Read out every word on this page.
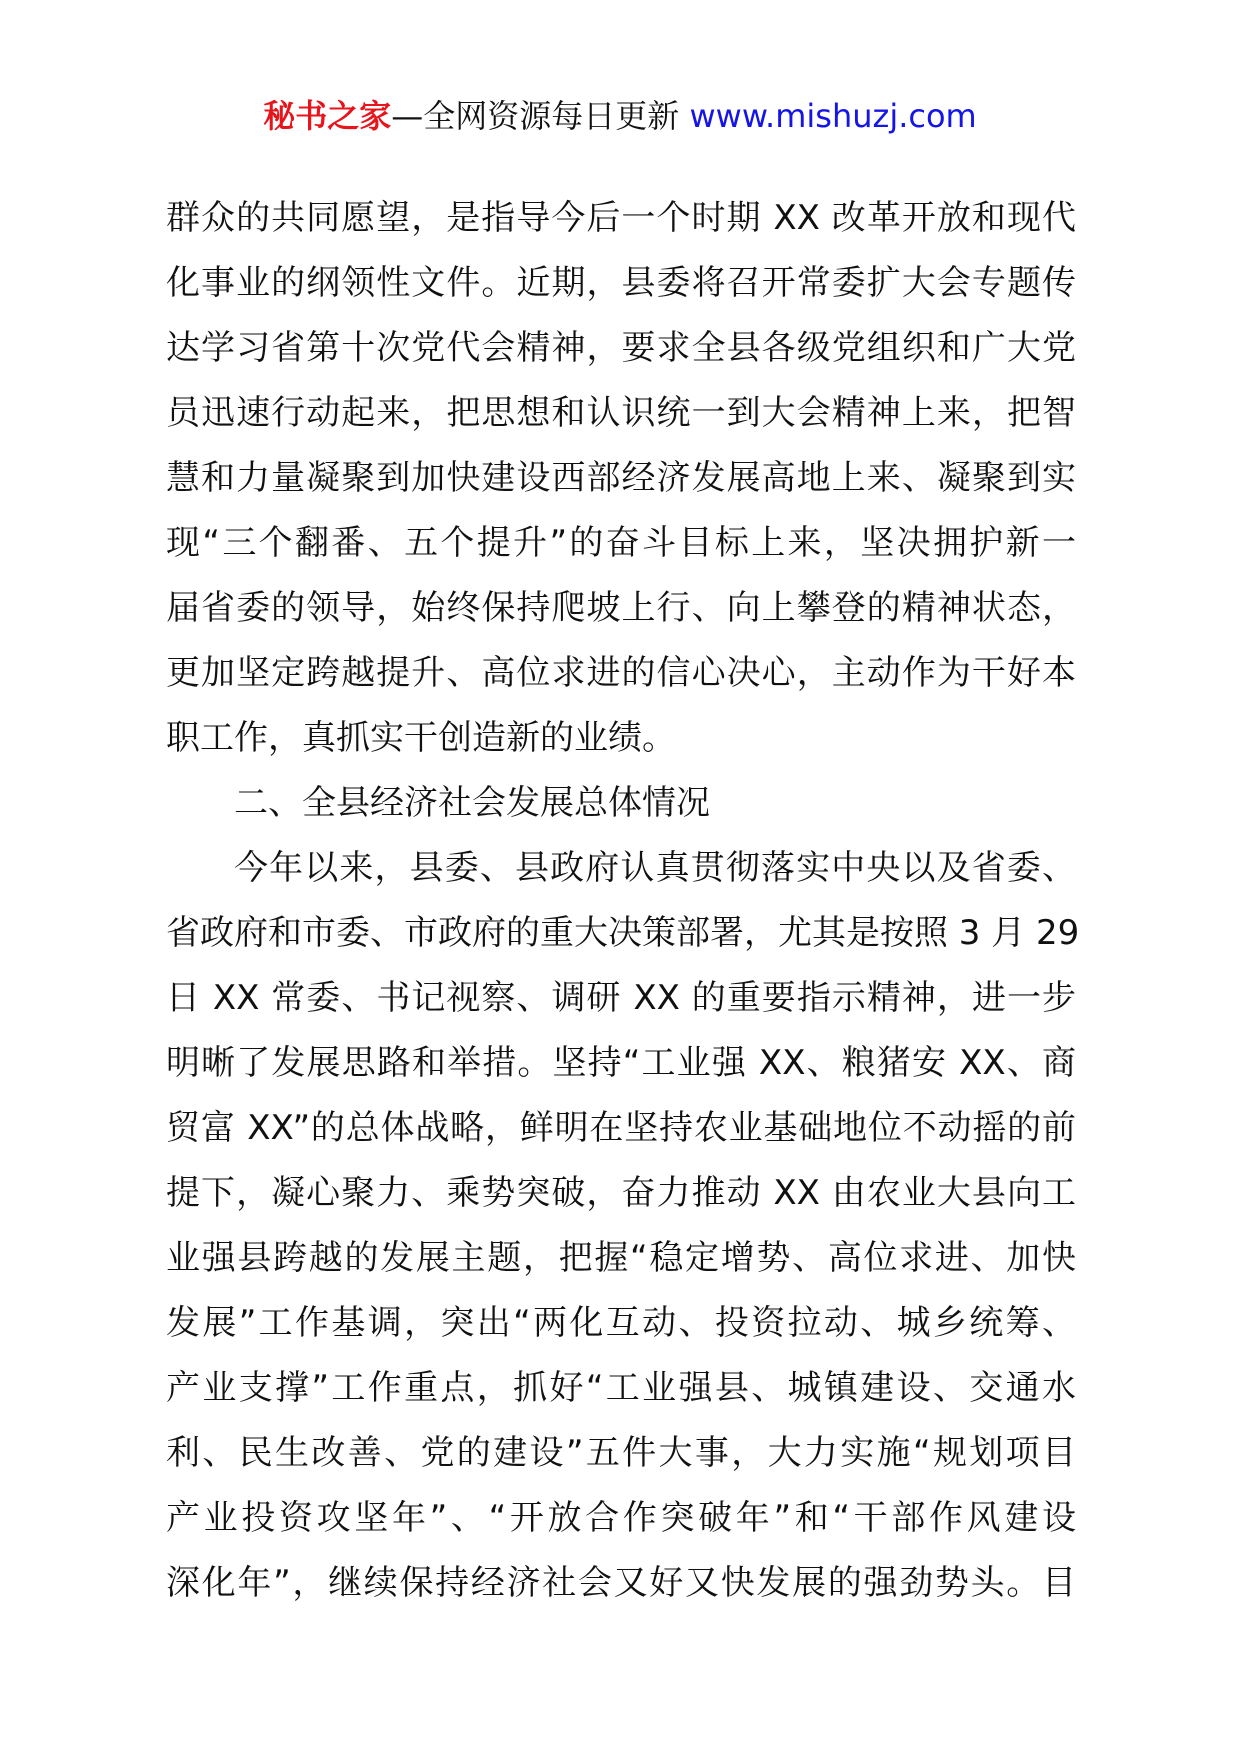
秘书之家—全网资源每日更新 www.mishuzj.com
群众的共同愿望，是指导今后一个时期 XX 改革开放和现代
化事业的纲领性文件。近期，县委将召开常委扩大会专题传
达学习省第十次党代会精神，要求全县各级党组织和广大党
员迅速行动起来，把思想和认识统一到大会精神上来，把智
慧和力量凝聚到加快建设西部经济发展高地上来、凝聚到实
现“三个翻番、五个提升”的奋斗目标上来，坚决拥护新一
届省委的领导，始终保持爬坡上行、向上攀登的精神状态，
更加坚定跨越提升、高位求进的信心决心，主动作为干好本
职工作，真抓实干创造新的业绩。
二、全县经济社会发展总体情况
今年以来，县委、县政府认真贯彻落实中央以及省委、
省政府和市委、市政府的重大决策部署，尤其是按照 3 月 29
日 XX 常委、书记视察、调研 XX 的重要指示精神，进一步
明晰了发展思路和举措。坚持“工业强 XX、粮猪安 XX、商
贸富 XX”的总体战略，鲜明在坚持农业基础地位不动摇的前
提下，凝心聚力、乘势突破，奋力推动 XX 由农业大县向工
业强县跨越的发展主题，把握“稳定增势、高位求进、加快
发展”工作基调，突出“两化互动、投资拉动、城乡统筹、
产业支撑”工作重点，抓好“工业强县、城镇建设、交通水
利、民生改善、党的建设”五件大事，大力实施“规划项目
产业投资攻坚年”、“开放合作突破年”和“干部作风建设
深化年”，继续保持经济社会又好又快发展的强劲势头。目
